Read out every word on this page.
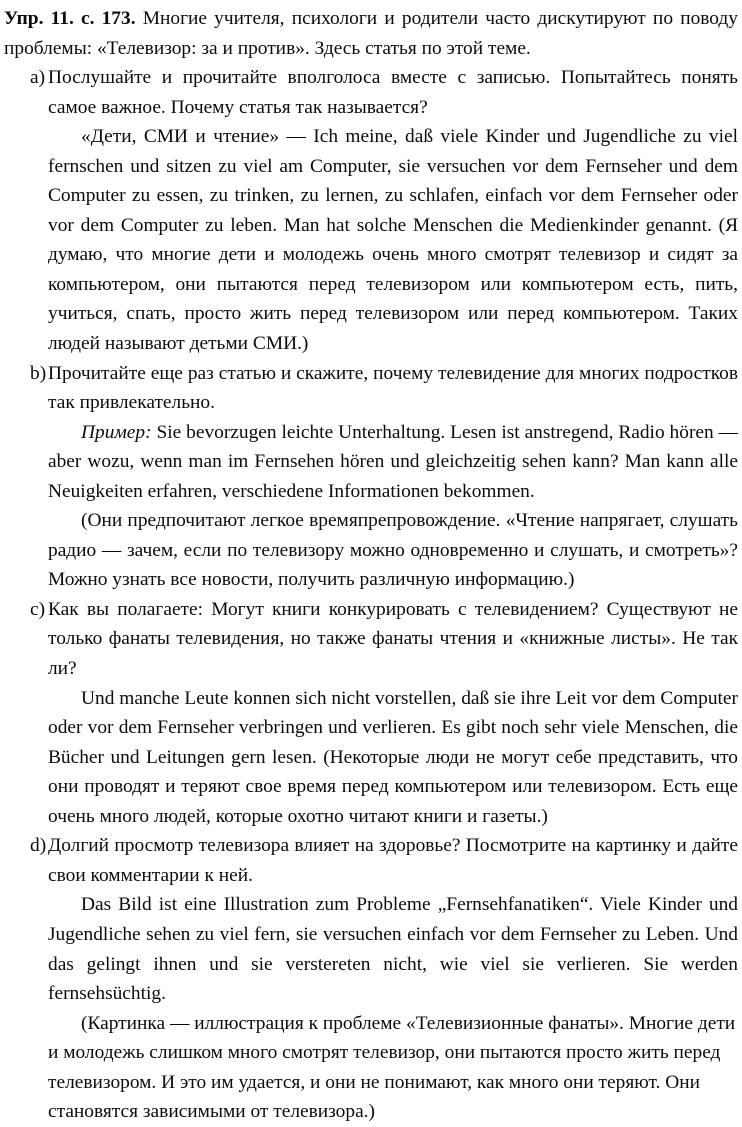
Упр. 11. с. 173. Многие учителя, психологи и родители часто дискутируют по поводу проблемы: «Телевизор: за и против». Здесь статья по этой теме.

a) Послушайте и прочитайте вполголоса вместе с записью. Попытайтесь понять самое важное. Почему статья так называется?

«Дети, СМИ и чтение» — Ich meine, daß viele Kinder und Jugendliche zu viel fernschen und sitzen zu viel am Computer, sie versuchen vor dem Fernseher und dem Computer zu essen, zu trinken, zu lernen, zu schlafen, einfach vor dem Fernseher oder vor dem Computer zu leben. Man hat solche Menschen die Medienkinder genannt. (Я думаю, что многие дети и молодежь очень много смотрят телевизор и сидят за компьютером, они пытаются перед телевизором или компьютером есть, пить, учиться, спать, просто жить перед телевизором или перед компьютером. Таких людей называют детьми СМИ.)

b) Прочитайте еще раз статью и скажите, почему телевидение для многих подростков так привлекательно.

Пример: Sie bevorzugen leichte Unterhaltung. Lesen ist anstregend, Radio hören — aber wozu, wenn man im Fernsehen hören und gleichzeitig sehen kann? Man kann alle Neuigkeiten erfahren, verschiedene Informationen bekommen.

(Они предпочитают легкое времяпрепровождение. «Чтение напрягает, слушать радио — зачем, если по телевизору можно одновременно и слушать, и смотреть»? Можно узнать все новости, получить различную информацию.)

c) Как вы полагаете: Могут книги конкурировать с телевидением? Существуют не только фанаты телевидения, но также фанаты чтения и «книжные листы». Не так ли?

Und manche Leute konnen sich nicht vorstellen, daß sie ihre Leit vor dem Computer oder vor dem Fernseher verbringen und verlieren. Es gibt noch sehr viele Menschen, die Bücher und Leitungen gern lesen. (Некоторые люди не могут себе представить, что они проводят и теряют свое время перед компьютером или телевизором. Есть еще очень много людей, которые охотно читают книги и газеты.)

d) Долгий просмотр телевизора влияет на здоровье? Посмотрите на картинку и дайте свои комментарии к ней.

Das Bild ist eine Illustration zum Probleme „Fernsehfanatiken“. Viele Kinder und Jugendliche sehen zu viel fern, sie versuchen einfach vor dem Fernseher zu Leben. Und das gelingt ihnen und sie verstereten nicht, wie viel sie verlieren. Sie werden fernsehsüchtig.

(Картинка — иллюстрация к проблеме «Телевизионные фанаты». Многие дети и молодежь слишком много смотрят телевизор, они пытаются просто жить перед телевизором. И это им удается, и они не понимают, как много они теряют. Они становятся зависимыми от телевизора.)
